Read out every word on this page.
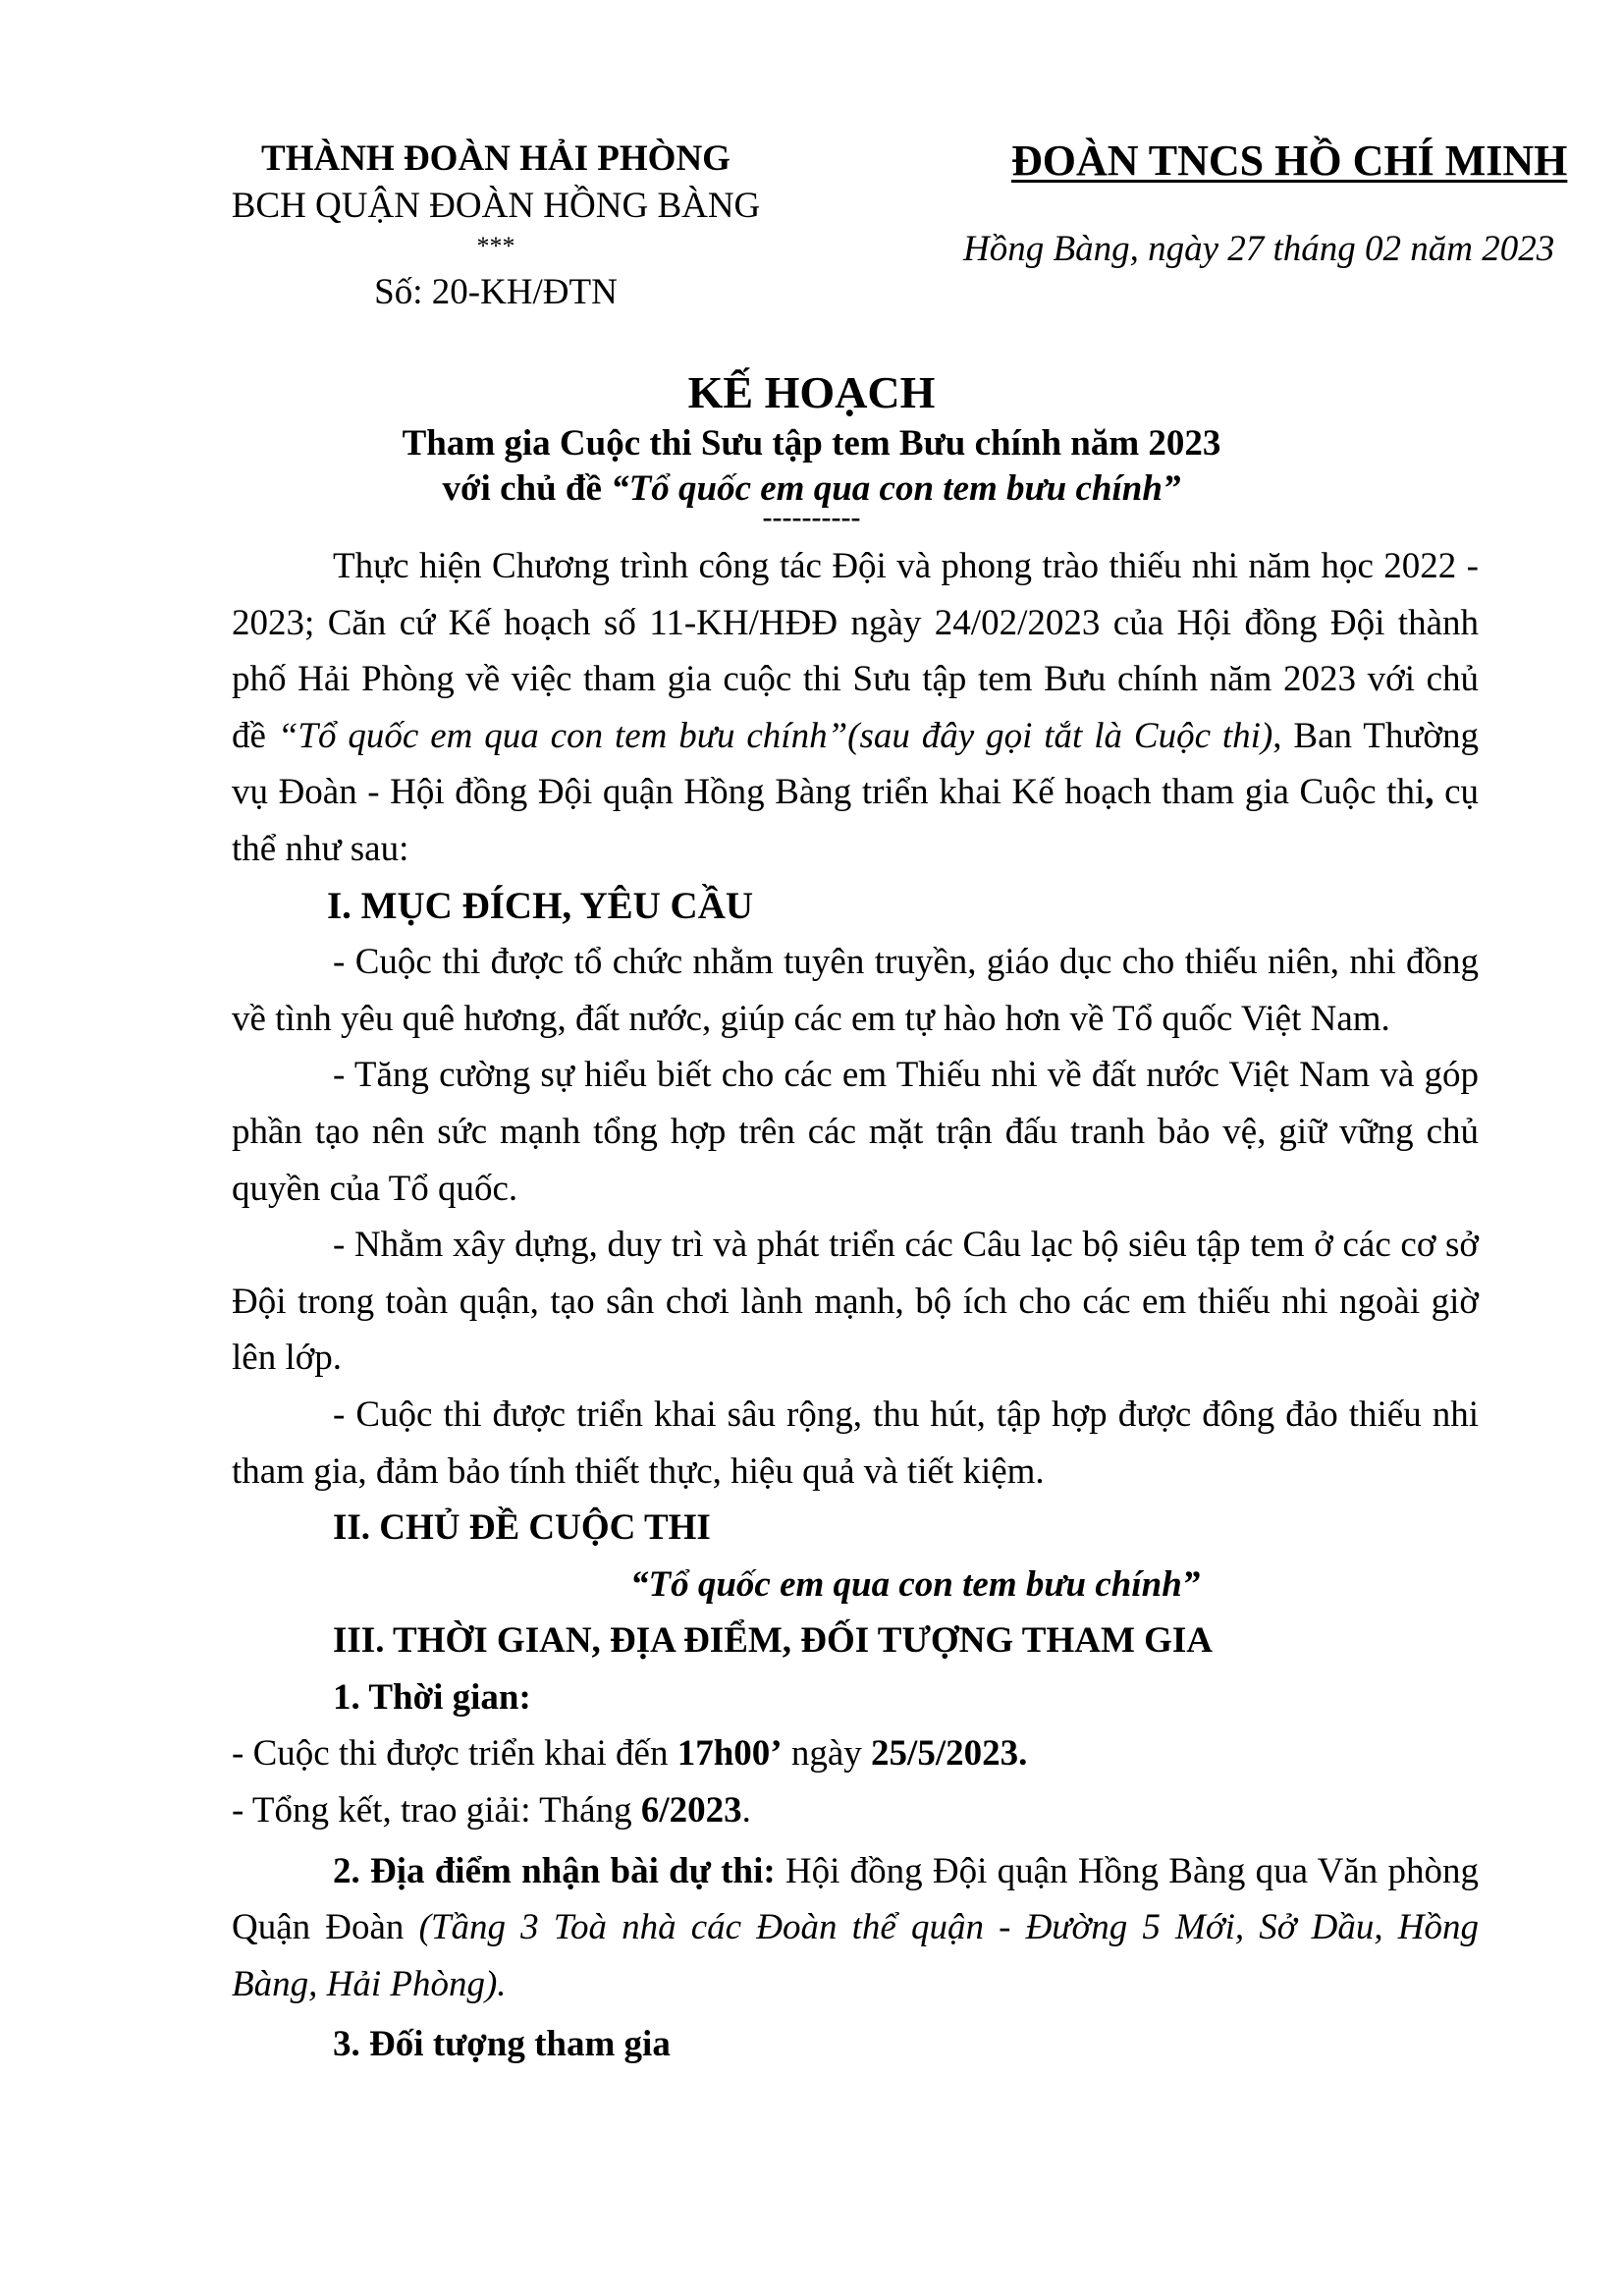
THÀNH ĐOÀN HẢI PHÒNG
BCH QUẬN ĐOÀN HỒNG BÀNG
***
Số: 20-KH/ĐTN
ĐOÀN TNCS HỒ CHÍ MINH
Hồng Bàng, ngày 27 tháng 02 năm 2023
KẾ HOẠCH
Tham gia Cuộc thi Sưu tập tem Bưu chính năm 2023
với chủ đề “Tổ quốc em qua con tem bưu chính”
----------

Thực hiện Chương trình công tác Đội và phong trào thiếu nhi năm học 2022 - 2023; Căn cứ Kế hoạch số 11-KH/HĐĐ ngày 24/02/2023 của Hội đồng Đội thành phố Hải Phòng về việc tham gia cuộc thi Sưu tập tem Bưu chính năm 2023 với chủ đề “Tổ quốc em qua con tem bưu chính”(sau đây gọi tắt là Cuộc thi), Ban Thường vụ Đoàn - Hội đồng Đội quận Hồng Bàng triển khai Kế hoạch tham gia Cuộc thi, cụ thể như sau:

I. MỤC ĐÍCH, YÊU CẦU

- Cuộc thi được tổ chức nhằm tuyên truyền, giáo dục cho thiếu niên, nhi đồng về tình yêu quê hương, đất nước, giúp các em tự hào hơn về Tổ quốc Việt Nam.

- Tăng cường sự hiểu biết cho các em Thiếu nhi về đất nước Việt Nam và góp phần tạo nên sức mạnh tổng hợp trên các mặt trận đấu tranh bảo vệ, giữ vững chủ quyền của Tổ quốc.

- Nhằm xây dựng, duy trì và phát triển các Câu lạc bộ siêu tập tem ở các cơ sở Đội trong toàn quận, tạo sân chơi lành mạnh, bộ ích cho các em thiếu nhi ngoài giờ lên lớp.

- Cuộc thi được triển khai sâu rộng, thu hút, tập hợp được đông đảo thiếu nhi tham gia, đảm bảo tính thiết thực, hiệu quả và tiết kiệm.

II. CHỦ ĐỀ CUỘC THI

“Tổ quốc em qua con tem bưu chính”

III. THỜI GIAN, ĐỊA ĐIỂM, ĐỐI TƯỢNG THAM GIA

1. Thời gian:

- Cuộc thi được triển khai đến 17h00’ ngày 25/5/2023.

- Tổng kết, trao giải: Tháng 6/2023.

2. Địa điểm nhận bài dự thi: Hội đồng Đội quận Hồng Bàng qua Văn phòng Quận Đoàn (Tầng 3 Toà nhà các Đoàn thể quận - Đường 5 Mới, Sở Dầu, Hồng Bàng, Hải Phòng).

3. Đối tượng tham gia
